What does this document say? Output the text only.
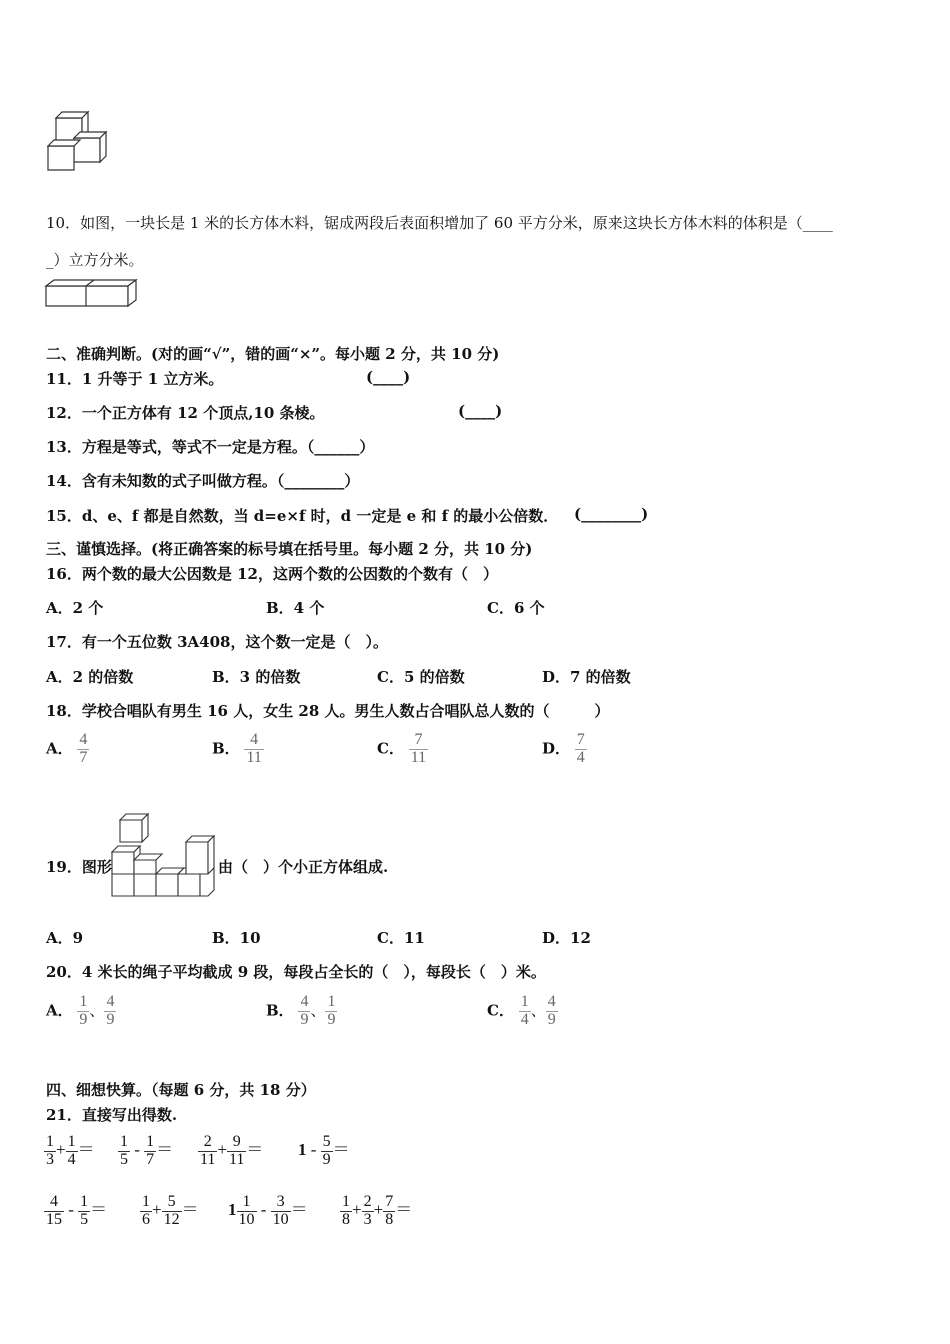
10．如图，一块长是 1 米的长方体木料，锯成两段后表面积增加了 60 平方分米，原来这块长方体木料的体积是（____
_）立方分米。
二、准确判断。(对的画“√”，错的画“×”。每小题 2 分，共 10 分)
11．1 升等于 1 立方米。	(____)
12．一个正方体有 12 个顶点,10 条棱。	(____)
13．方程是等式，等式不一定是方程。（______）
14．含有未知数的式子叫做方程。（________）
15．d、e、f 都是自然数，当 d=e×f 时，d 一定是 e 和 f 的最小公倍数． (________)
三、谨慎选择。(将正确答案的标号填在括号里。每小题 2 分，共 10 分)
16．两个数的最大公因数是 12，这两个数的公因数的个数有（　）
A．2 个	B．4 个	C．6 个
17．有一个五位数 3A408，这个数一定是（　）。
A．2 的倍数	B．3 的倍数	C．5 的倍数	D．7 的倍数
18．学校合唱队有男生 16 人，女生 28 人。男生人数占合唱队总人数的（　　　）
A． $\frac{4}{7}$	B． $\frac{4}{11}$	C． $\frac{7}{11}$	D． $\frac{7}{4}$
19．图形	由（　）个小正方体组成.
A．9	B．10	C．11	D．12
20．4 米长的绳子平均截成 9 段，每段占全长的（　），每段长（　）米。
A． $\frac{1}{9}$ 、 $\frac{4}{9}$	B． $\frac{4}{9}$ 、 $\frac{1}{9}$	C． $\frac{1}{4}$ 、 $\frac{4}{9}$
四、细想快算。（每题 6 分，共 18 分）
21．直接写出得数.
$\frac{1}{3} + \frac{1}{4} = \frac{1}{5} - \frac{1}{7} = \frac{2}{11} + \frac{9}{11} = 1 - \frac{5}{9}$ ＝
$\frac{4}{15} - \frac{1}{5} = \frac{1}{6} + \frac{5}{12} = 1 \frac{1}{10} - \frac{3}{10} = \frac{1}{8} + \frac{2}{3} + \frac{7}{8}$ ＝
